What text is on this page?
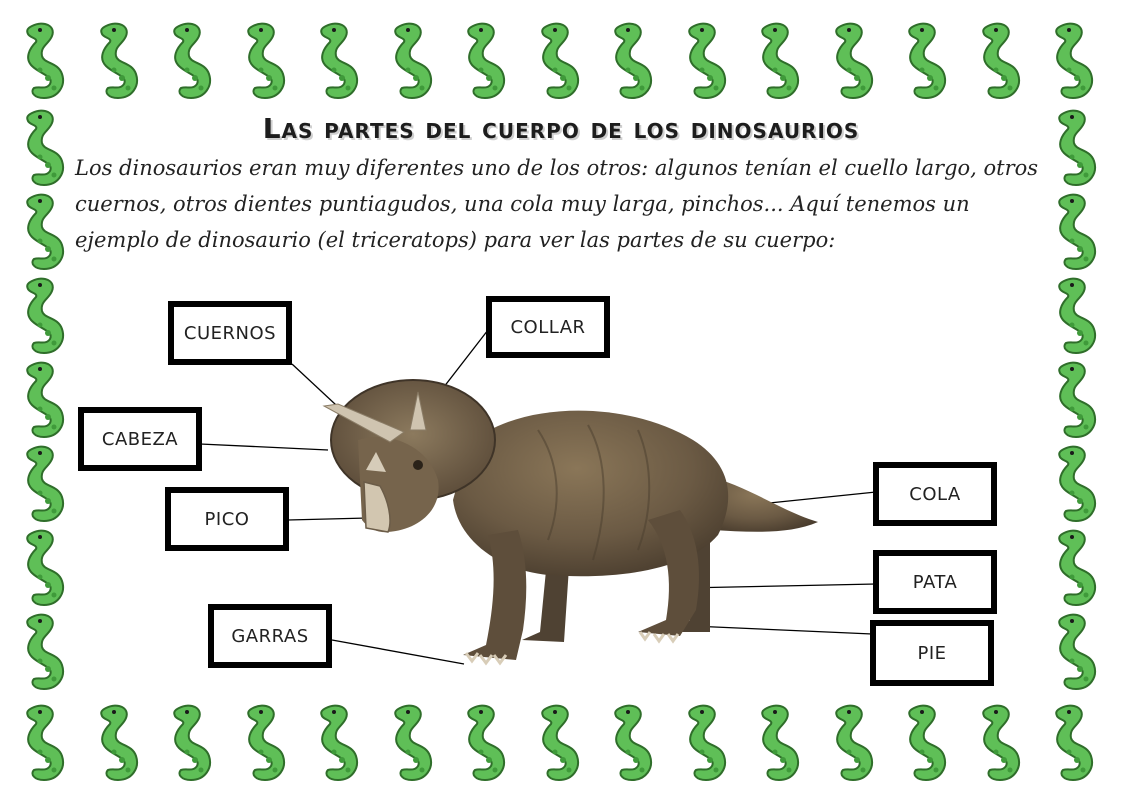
Las partes del cuerpo de los dinosaurios

Los dinosaurios eran muy diferentes uno de los otros: algunos tenían el cuello largo, otros cuernos, otros dientes puntiagudos, una cola muy larga, pinchos... Aquí tenemos un ejemplo de dinosaurio (el triceratops) para ver las partes de su cuerpo:

CUERNOS	COLLAR
CABEZA
PICO
GARRAS
COLA
PATA
PIE
